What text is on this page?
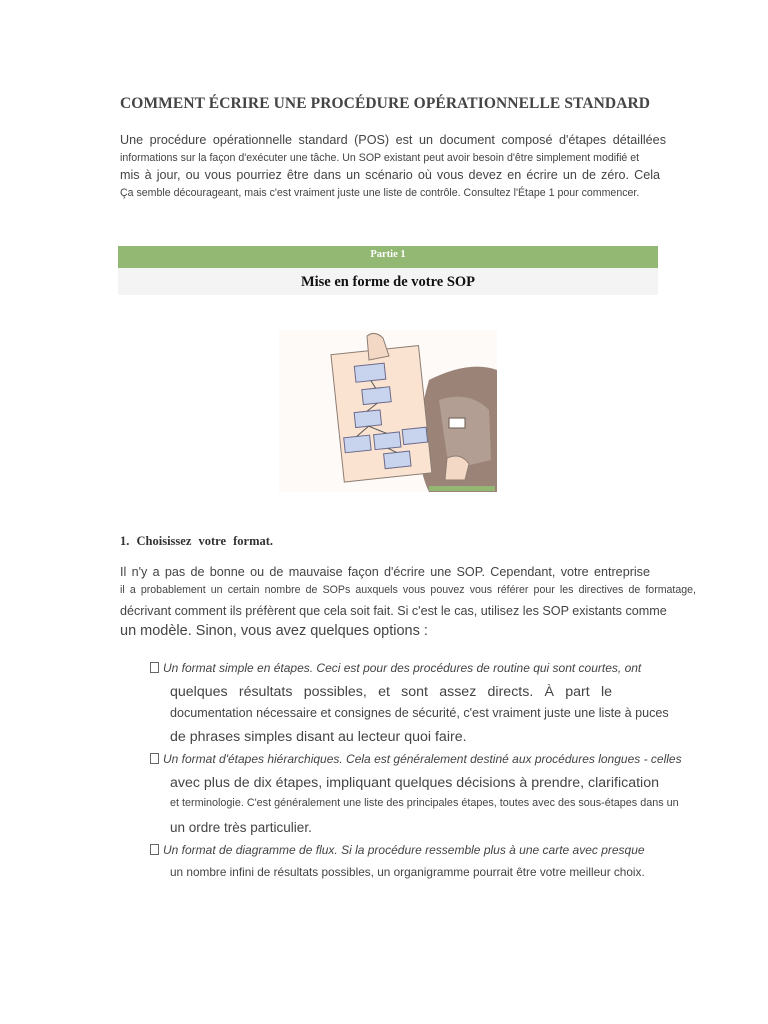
COMMENT ÉCRIRE UNE PROCÉDURE OPÉRATIONNELLE STANDARD
Une procédure opérationnelle standard (POS) est un document composé d'étapes détaillées
informations sur la façon d'exécuter une tâche. Un SOP existant peut avoir besoin d'être simplement modifié et
mis à jour, ou vous pourriez être dans un scénario où vous devez en écrire un de zéro. Cela
Ça semble décourageant, mais c'est vraiment juste une liste de contrôle. Consultez l'Étape 1 pour commencer.
Partie 1
Mise en forme de votre SOP
1. Choisissez votre format.
Il n'y a pas de bonne ou de mauvaise façon d'écrire une SOP. Cependant, votre entreprise
il a probablement un certain nombre de SOPs auxquels vous pouvez vous référer pour les directives de formatage,
décrivant comment ils préfèrent que cela soit fait. Si c'est le cas, utilisez les SOP existants comme
un modèle. Sinon, vous avez quelques options :
Un format simple en étapes. Ceci est pour des procédures de routine qui sont courtes, ont
quelques résultats possibles, et sont assez directs. À part le
documentation nécessaire et consignes de sécurité, c'est vraiment juste une liste à puces
de phrases simples disant au lecteur quoi faire.
Un format d'étapes hiérarchiques. Cela est généralement destiné aux procédures longues - celles
avec plus de dix étapes, impliquant quelques décisions à prendre, clarification
et terminologie. C'est généralement une liste des principales étapes, toutes avec des sous-étapes dans un
un ordre très particulier.
Un format de diagramme de flux. Si la procédure ressemble plus à une carte avec presque
un nombre infini de résultats possibles, un organigramme pourrait être votre meilleur choix.
